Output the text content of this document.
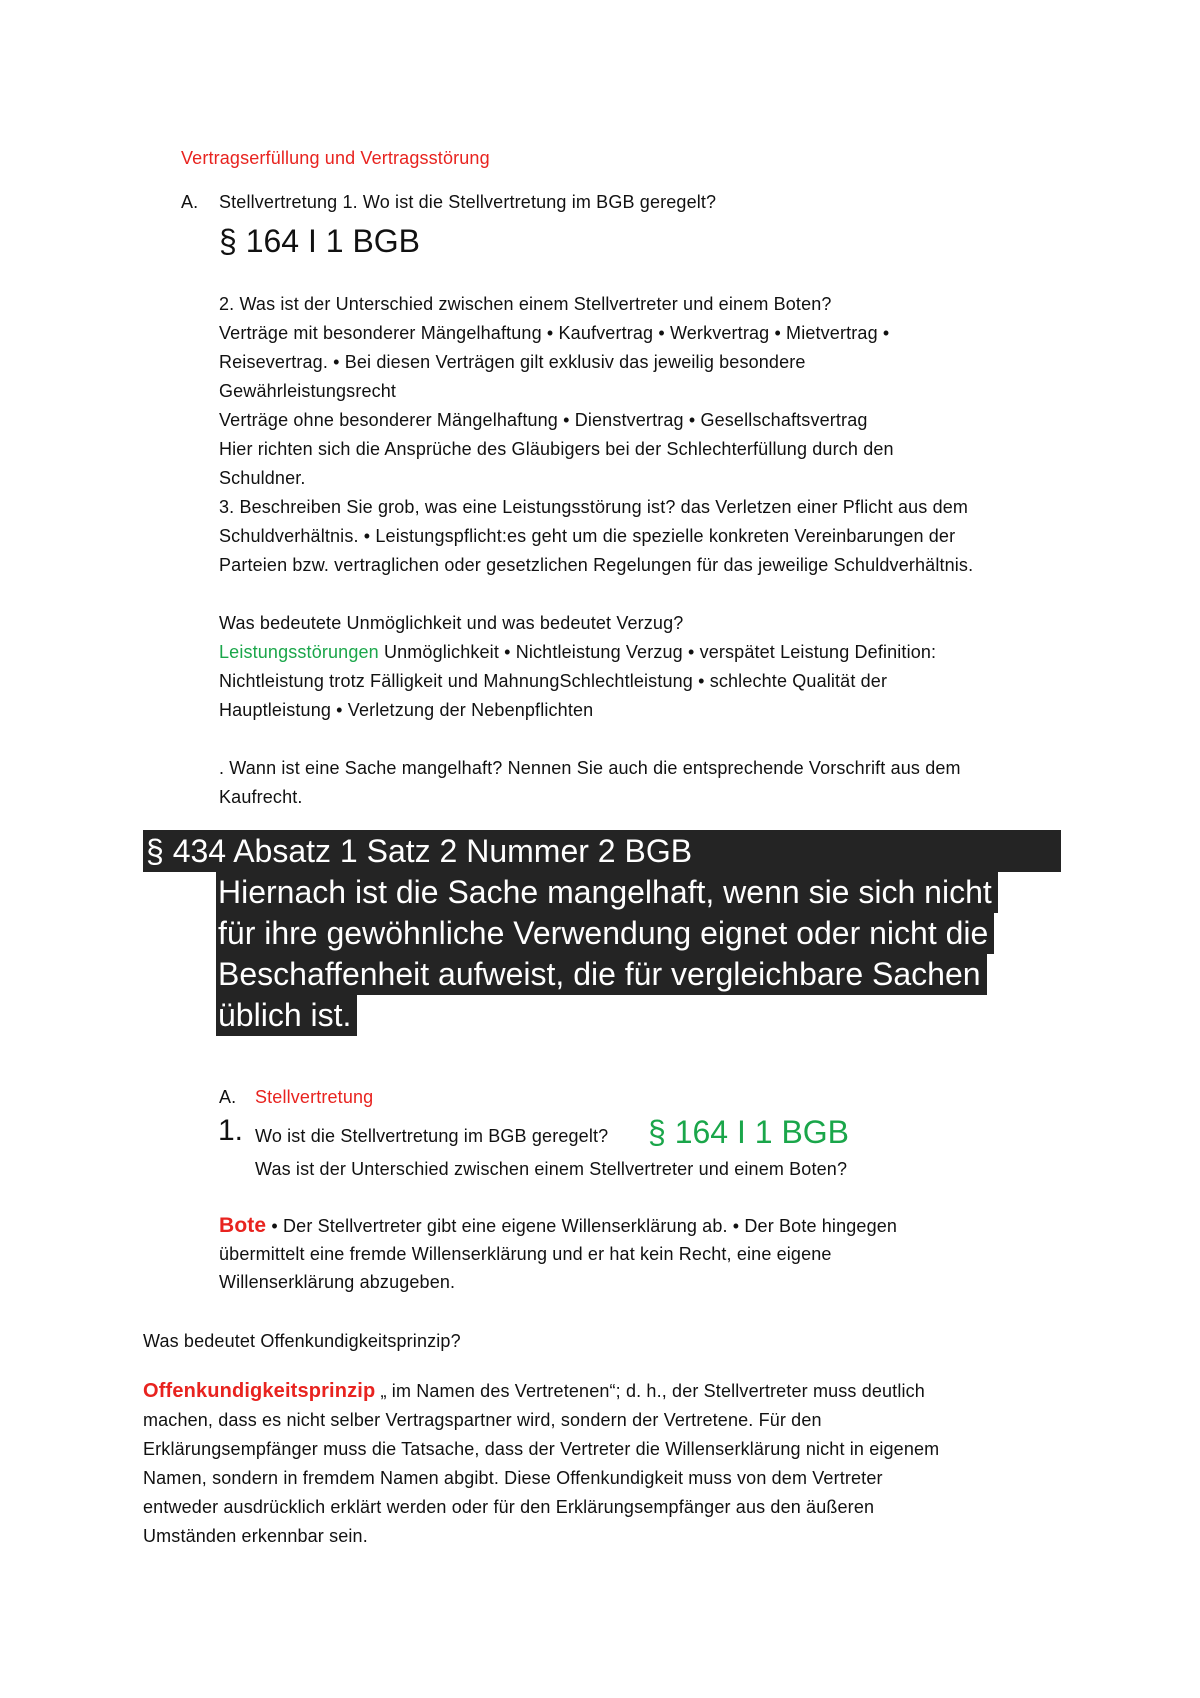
Vertragserfüllung und Vertragsstörung
A. Stellvertretung 1. Wo ist die Stellvertretung im BGB geregelt?
§ 164 I 1 BGB
2. Was ist der Unterschied zwischen einem Stellvertreter und einem Boten?
Verträge mit besonderer Mängelhaftung • Kaufvertrag • Werkvertrag • Mietvertrag •
Reisevertrag. • Bei diesen Verträgen gilt exklusiv das jeweilig besondere
Gewährleistungsrecht
Verträge ohne besonderer Mängelhaftung • Dienstvertrag • Gesellschaftsvertrag
Hier richten sich die Ansprüche des Gläubigers bei der Schlechterfüllung durch den
Schuldner.
3. Beschreiben Sie grob, was eine Leistungsstörung ist? das Verletzen einer Pflicht aus dem
Schuldverhältnis. • Leistungspflicht:es geht um die spezielle konkreten Vereinbarungen der
Parteien bzw. vertraglichen oder gesetzlichen Regelungen für das jeweilige Schuldverhältnis.
Was bedeutete Unmöglichkeit und was bedeutet Verzug?
Leistungsstörungen Unmöglichkeit • Nichtleistung Verzug • verspätet Leistung Definition:
Nichtleistung trotz Fälligkeit und MahnungSchlechtleistung • schlechte Qualität der
Hauptleistung • Verletzung der Nebenpflichten
. Wann ist eine Sache mangelhaft? Nennen Sie auch die entsprechende Vorschrift aus dem
Kaufrecht.
§ 434 Absatz 1 Satz 2 Nummer 2 BGB
Hiernach ist die Sache mangelhaft, wenn sie sich nicht
für ihre gewöhnliche Verwendung eignet oder nicht die
Beschaffenheit aufweist, die für vergleichbare Sachen
üblich ist.
A. Stellvertretung
1. Wo ist die Stellvertretung im BGB geregelt? § 164 I 1 BGB
Was ist der Unterschied zwischen einem Stellvertreter und einem Boten?
Bote • Der Stellvertreter gibt eine eigene Willenserklärung ab. • Der Bote hingegen
übermittelt eine fremde Willenserklärung und er hat kein Recht, eine eigene
Willenserklärung abzugeben.
Was bedeutet Offenkundigkeitsprinzip?
Offenkundigkeitsprinzip „ im Namen des Vertretenen“; d. h., der Stellvertreter muss deutlich
machen, dass es nicht selber Vertragspartner wird, sondern der Vertretene. Für den
Erklärungsempfänger muss die Tatsache, dass der Vertreter die Willenserklärung nicht in eigenem
Namen, sondern in fremdem Namen abgibt. Diese Offenkundigkeit muss von dem Vertreter
entweder ausdrücklich erklärt werden oder für den Erklärungsempfänger aus den äußeren
Umständen erkennbar sein.
